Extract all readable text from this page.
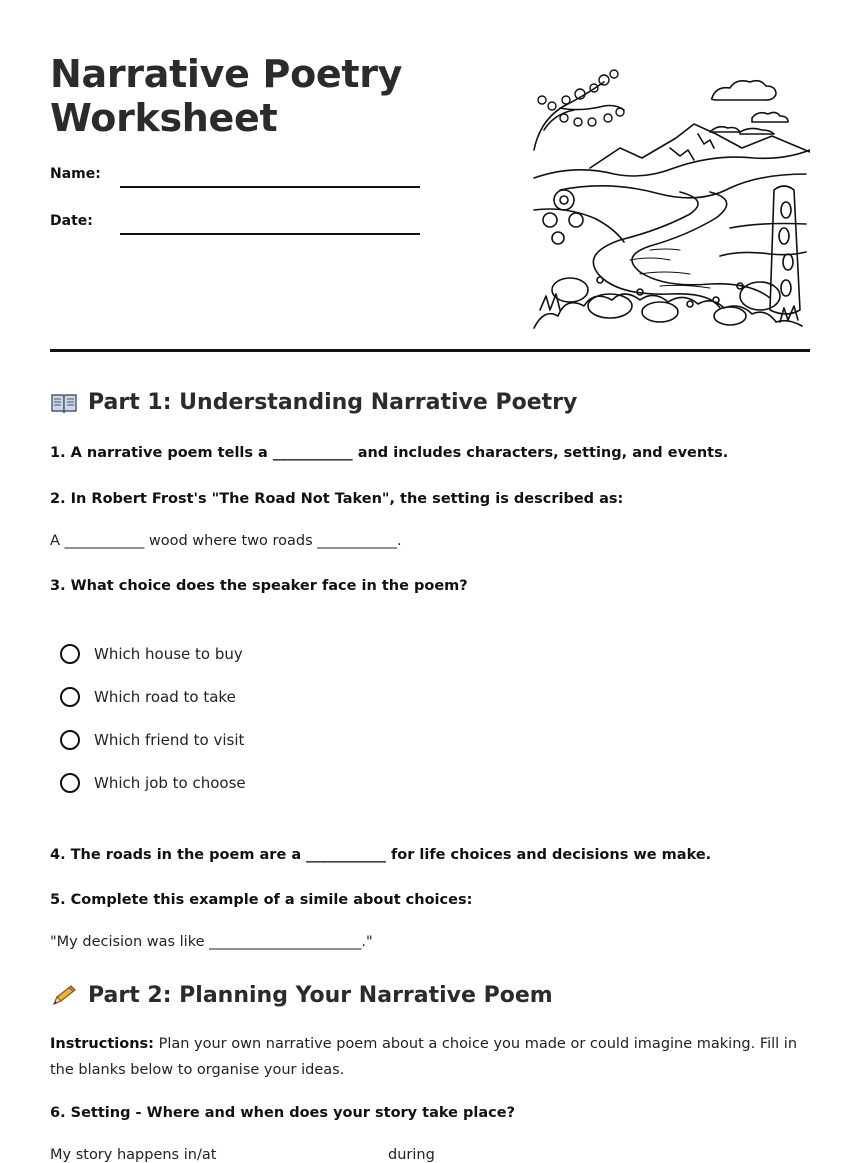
Narrative Poetry
Worksheet
Name:
Date:
Part 1: Understanding Narrative Poetry
1. A narrative poem tells a ___________ and includes characters, setting, and events.
2. In Robert Frost's "The Road Not Taken", the setting is described as:
A ___________ wood where two roads ___________.
3. What choice does the speaker face in the poem?
Which house to buy
Which road to take
Which friend to visit
Which job to choose
4. The roads in the poem are a ___________ for life choices and decisions we make.
5. Complete this example of a simile about choices:
"My decision was like _____________________."
Part 2: Planning Your Narrative Poem
Instructions: Plan your own narrative poem about a choice you made or could imagine making. Fill in the blanks below to organise your ideas.
6. Setting - Where and when does your story take place?
My story happens in/at	during
